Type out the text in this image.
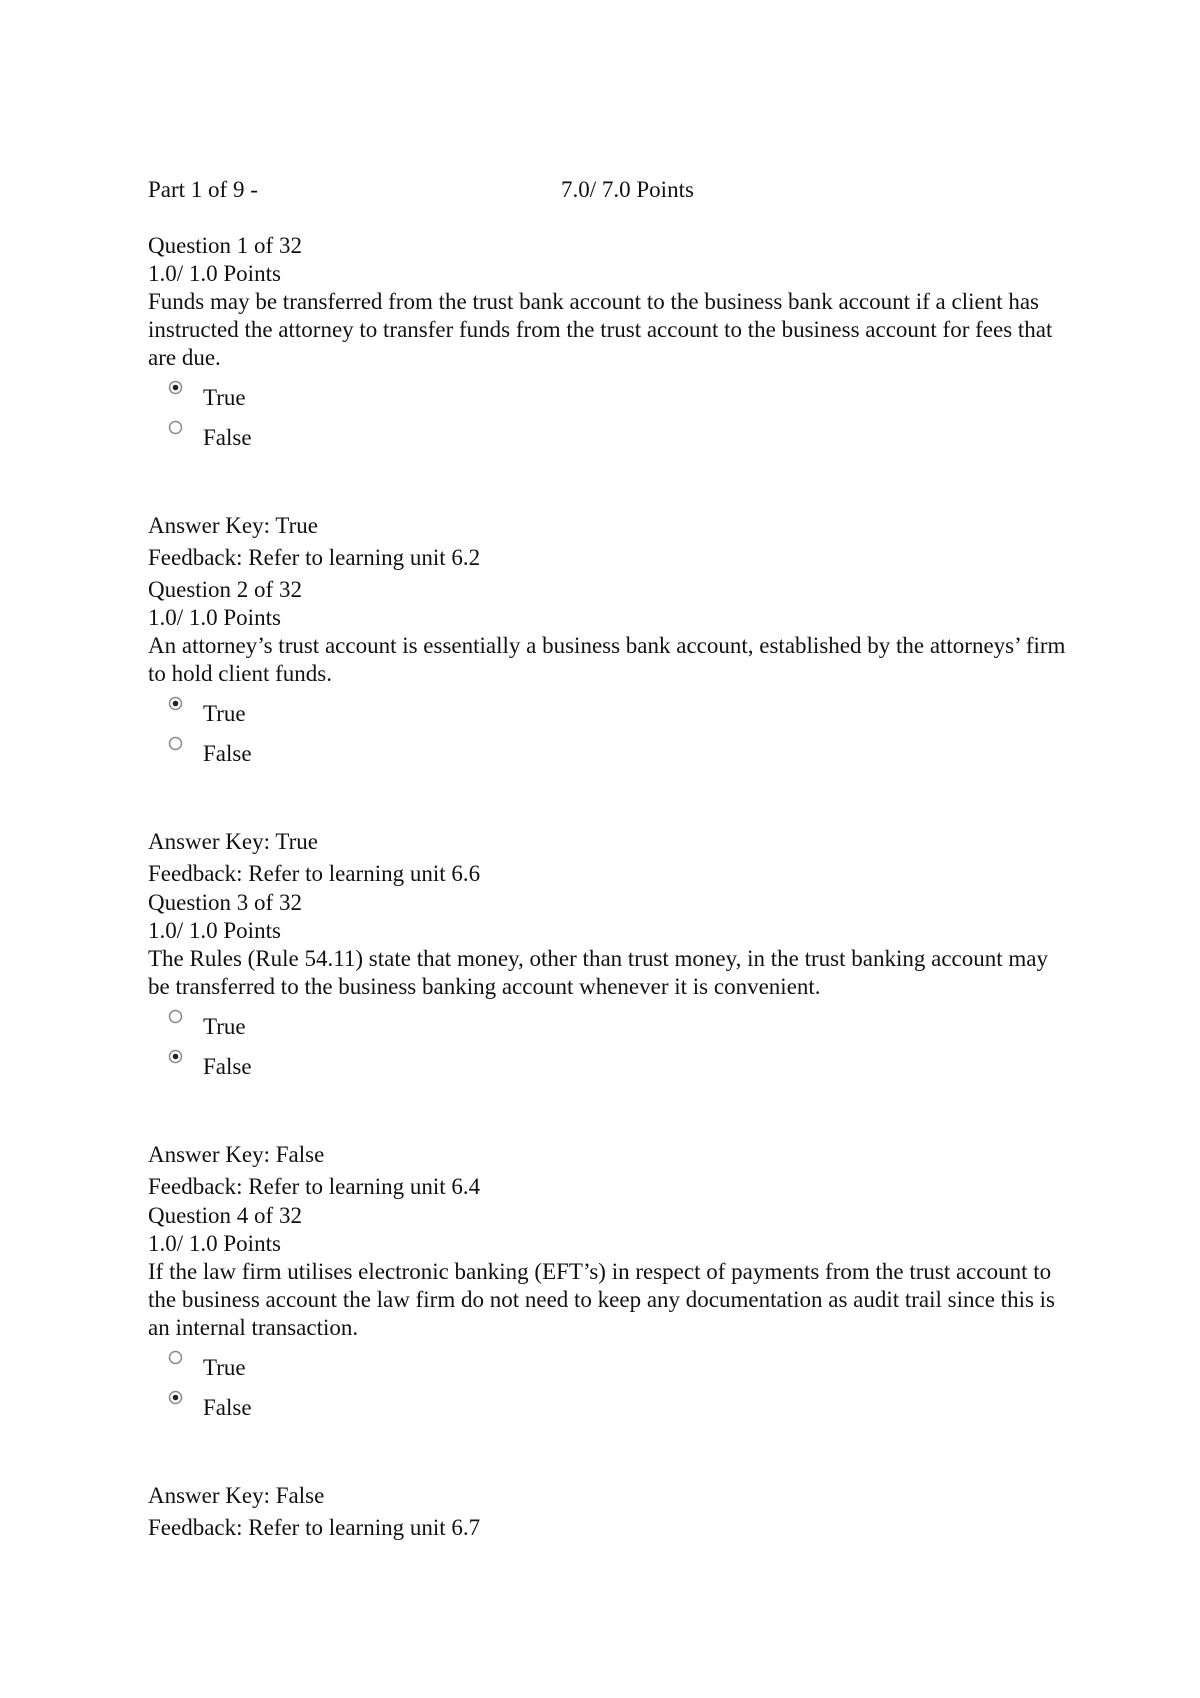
Part 1 of 9 -	7.0/ 7.0 Points
Question 1 of 32
1.0/ 1.0 Points
Funds may be transferred from the trust bank account to the business bank account if a client has instructed the attorney to transfer funds from the trust account to the business account for fees that are due.
True
False
Answer Key: True
Feedback: Refer to learning unit 6.2
Question 2 of 32
1.0/ 1.0 Points
An attorney’s trust account is essentially a business bank account, established by the attorneys’ firm to hold client funds.
True
False
Answer Key: True
Feedback: Refer to learning unit 6.6
Question 3 of 32
1.0/ 1.0 Points
The Rules (Rule 54.11) state that money, other than trust money, in the trust banking account may be transferred to the business banking account whenever it is convenient.
True
False
Answer Key: False
Feedback: Refer to learning unit 6.4
Question 4 of 32
1.0/ 1.0 Points
If the law firm utilises electronic banking (EFT’s) in respect of payments from the trust account to the business account the law firm do not need to keep any documentation as audit trail since this is an internal transaction.
True
False
Answer Key: False
Feedback: Refer to learning unit 6.7
